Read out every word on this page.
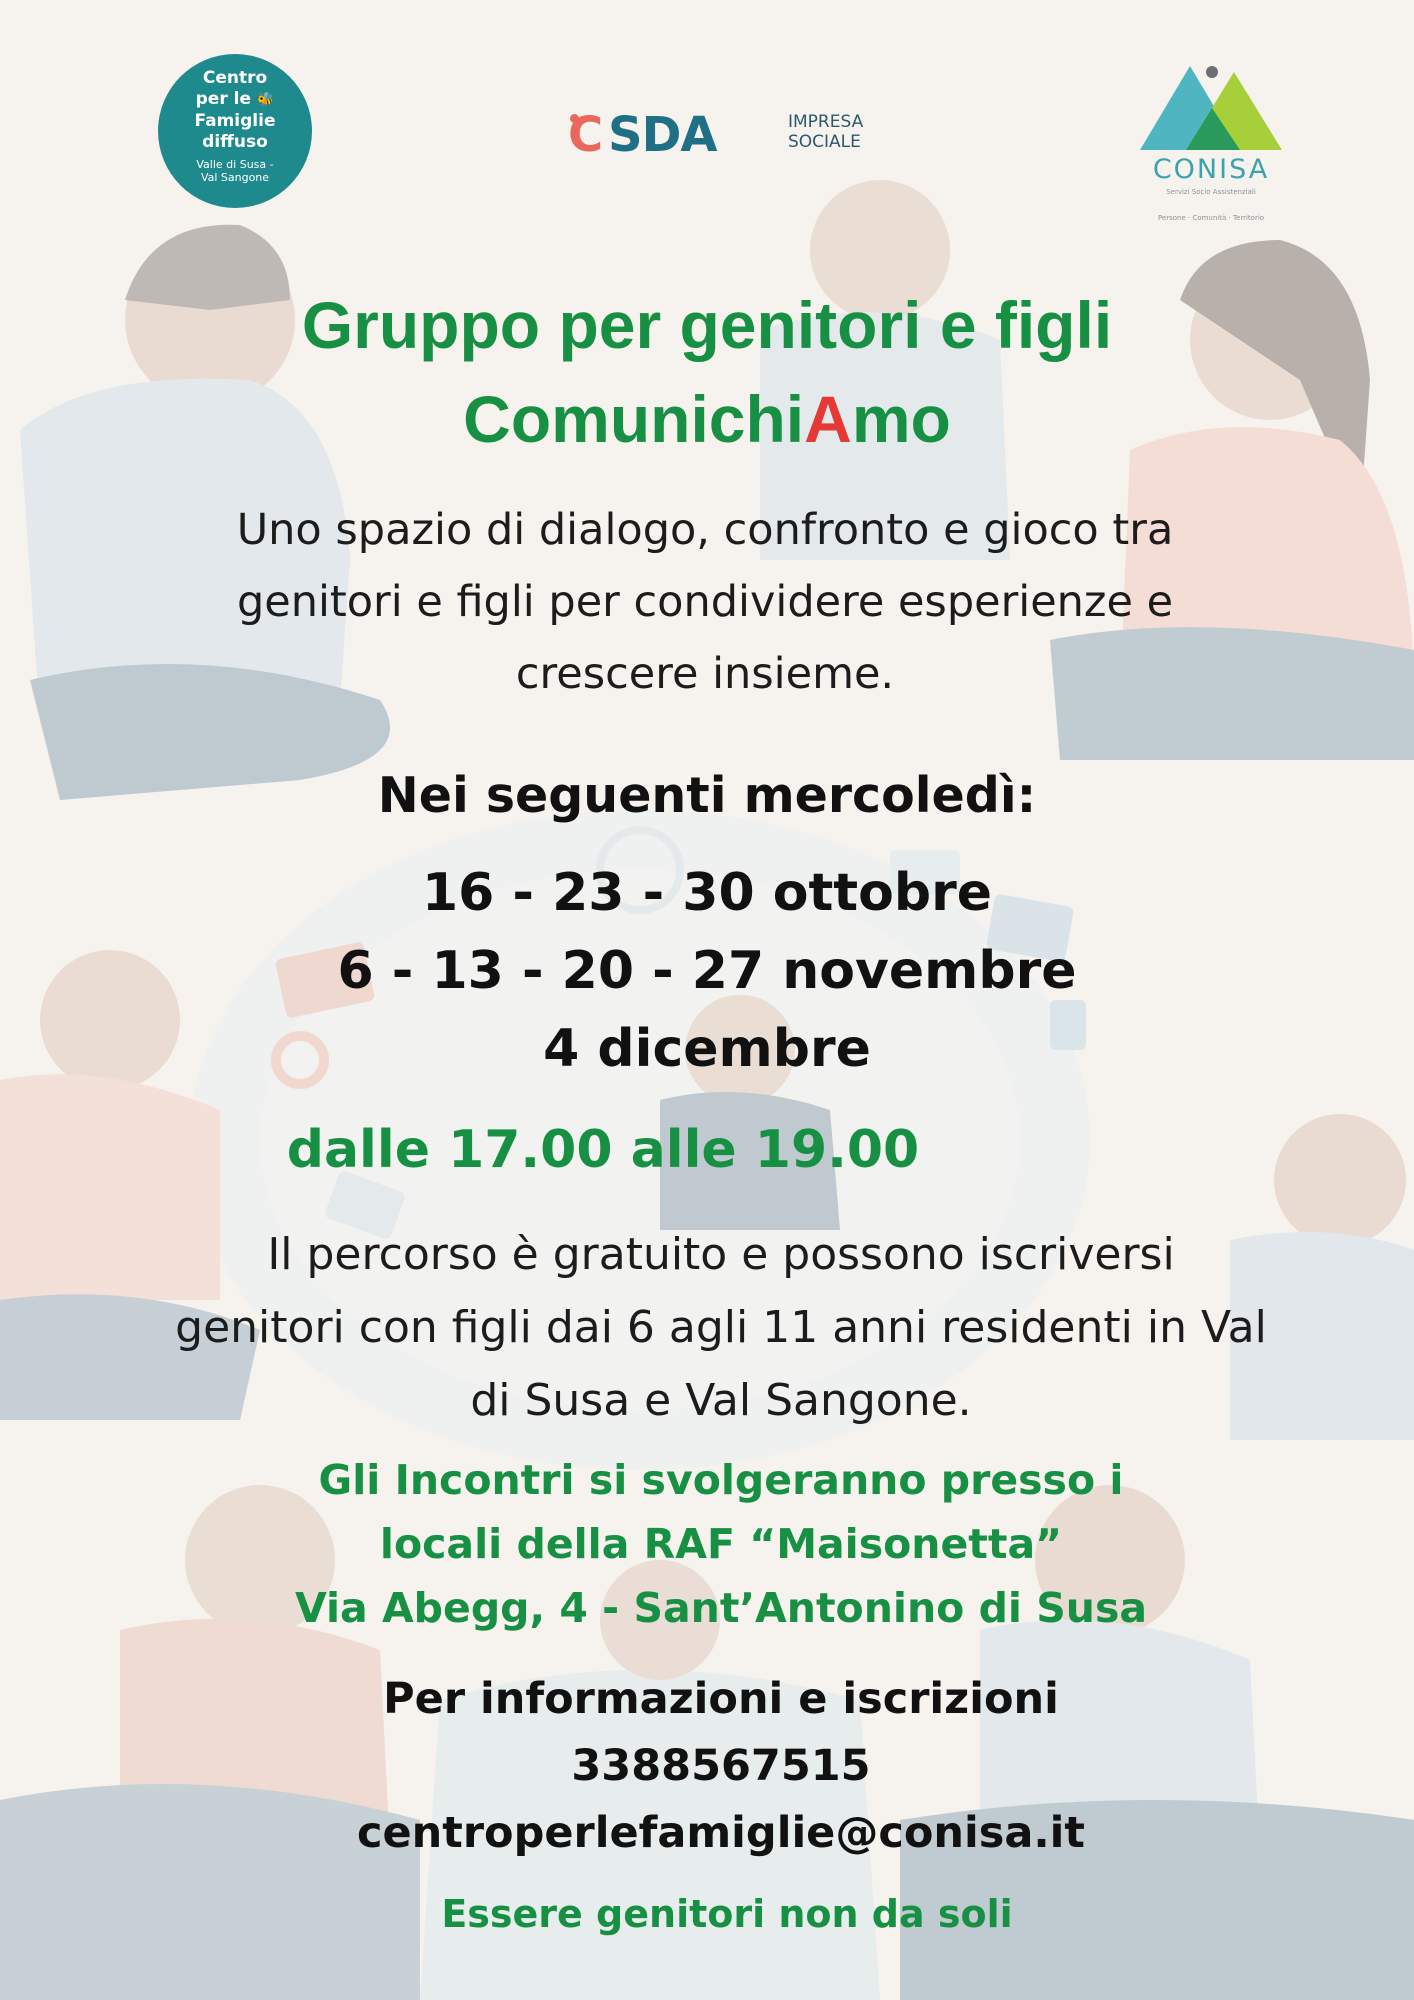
Centro
per le 🐝
Famiglie
diffuso
Valle di Susa -
Val Sangone
C SDA	IMPRESA
SOCIALE
CONISA
Servizi Socio Assistenziali
Persone · Comunità · Territorio
Gruppo per genitori e figli
ComunichiAmo
Uno spazio di dialogo, confronto e gioco tra
genitori e figli per condividere esperienze e
crescere insieme.
Nei seguenti mercoledì:
16 - 23 - 30 ottobre
6 - 13 - 20 - 27 novembre
4 dicembre
dalle 17.00 alle 19.00
Il percorso è gratuito e possono iscriversi
genitori con figli dai 6 agli 11 anni residenti in Val
di Susa e Val Sangone.
Gli Incontri si svolgeranno presso i
locali della RAF “Maisonetta”
Via Abegg, 4 - Sant’Antonino di Susa
Per informazioni e iscrizioni
3388567515
centroperlefamiglie@conisa.it
Essere genitori non da soli
